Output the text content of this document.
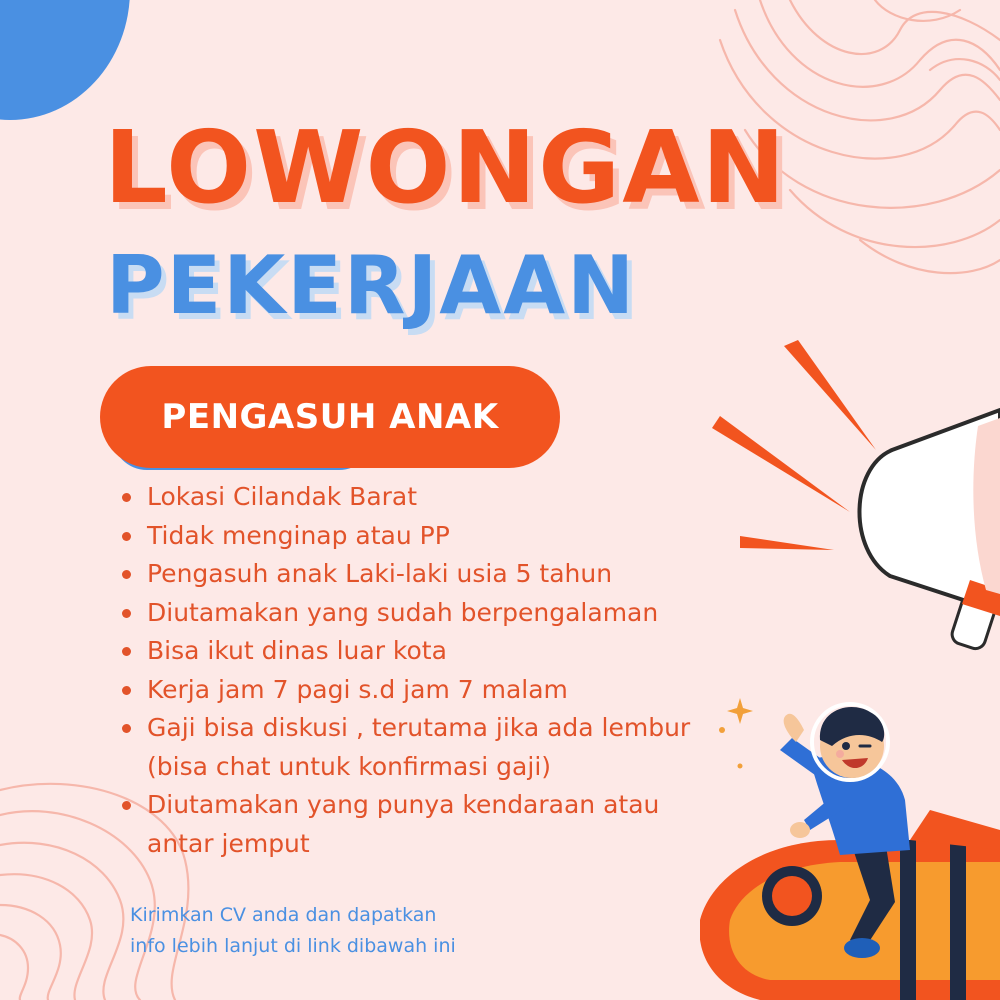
LOWONGAN
PEKERJAAN
PENGASUH ANAK
Lokasi Cilandak Barat
Tidak menginap atau PP
Pengasuh anak Laki-laki usia 5 tahun
Diutamakan yang sudah berpengalaman
Bisa ikut dinas luar kota
Kerja jam 7 pagi s.d jam 7 malam
Gaji bisa diskusi , terutama jika ada lembur
(bisa chat untuk konfirmasi gaji)
Diutamakan yang punya kendaraan atau
antar jemput
Kirimkan CV anda dan dapatkan
info lebih lanjut di link dibawah ini
